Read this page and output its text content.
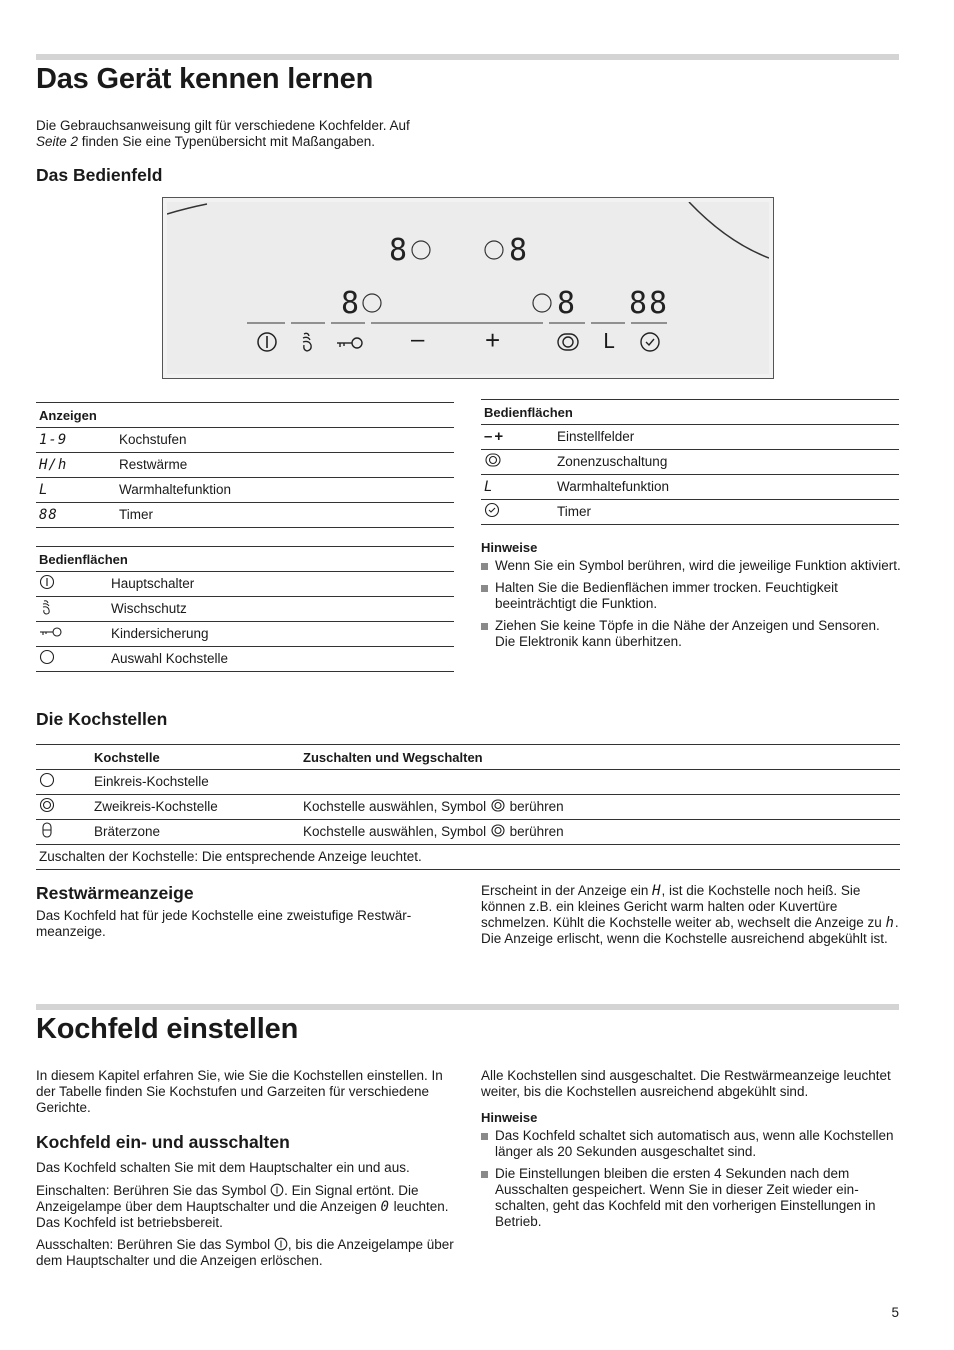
Das Gerät kennen lernen

Die Gebrauchsanweisung gilt für verschiedene Kochfelder. Auf
Seite 2 finden Sie eine Typenübersicht mit Maßangaben.

Das Bedienfeld
8	8
8	8 88
– +	L
Anzeigen	
1-9	Kochstufen
H/h	Restwärme
L	Warmhaltefunktion
88	Timer
Bedienflächen	
	Hauptschalter
	Wischschutz
	Kindersicherung
	Auswahl Kochstelle
Bedienflächen	
–+	Einstellfelder
	Zonenzuschaltung
L	Warmhaltefunktion
	Timer
Hinweise
Wenn Sie ein Symbol berühren, wird die jeweilige Funktion aktiviert.
Halten Sie die Bedienflächen immer trocken. Feuchtigkeit beeinträchtigt die Funktion.
Ziehen Sie keine Töpfe in die Nähe der Anzeigen und Sensoren. Die Elektronik kann überhitzen.
Die Kochstellen
	Kochstelle	Zuschalten und Wegschalten
	Einkreis-Kochstelle	
	Zweikreis-Kochstelle	Kochstelle auswählen, Symbol  berühren
	Bräterzone	Kochstelle auswählen, Symbol  berühren
Zuschalten der Kochstelle: Die entsprechende Anzeige leuchtet.		
Restwärmeanzeige

Das Kochfeld hat für jede Kochstelle eine zweistufige Restwärmeanzeige.

Erscheint in der Anzeige ein H, ist die Kochstelle noch heiß. Sie können z.B. ein kleines Gericht warm halten oder Kuvertüre schmelzen. Kühlt die Kochstelle weiter ab, wechselt die Anzeige zu h. Die Anzeige erlischt, wenn die Kochstelle ausreichend abgekühlt ist.

Kochfeld einstellen

In diesem Kapitel erfahren Sie, wie Sie die Kochstellen einstellen. In der Tabelle finden Sie Kochstufen und Garzeiten für verschiedene Gerichte.

Kochfeld ein- und ausschalten

Das Kochfeld schalten Sie mit dem Hauptschalter ein und aus.

Einschalten: Berühren Sie das Symbol . Ein Signal ertönt. Die Anzeigelampe über dem Hauptschalter und die Anzeigen 0 leuchten. Das Kochfeld ist betriebsbereit.

Ausschalten: Berühren Sie das Symbol , bis die Anzeigelampe über dem Hauptschalter und die Anzeigen erlöschen.

Alle Kochstellen sind ausgeschaltet. Die Restwärmeanzeige leuchtet weiter, bis die Kochstellen ausreichend abgekühlt sind.

Hinweise
Das Kochfeld schaltet sich automatisch aus, wenn alle Kochstellen länger als 20 Sekunden ausgeschaltet sind.
Die Einstellungen bleiben die ersten 4 Sekunden nach dem Ausschalten gespeichert. Wenn Sie in dieser Zeit wieder einschalten, geht das Kochfeld mit den vorherigen Einstellungen in Betrieb.
5
